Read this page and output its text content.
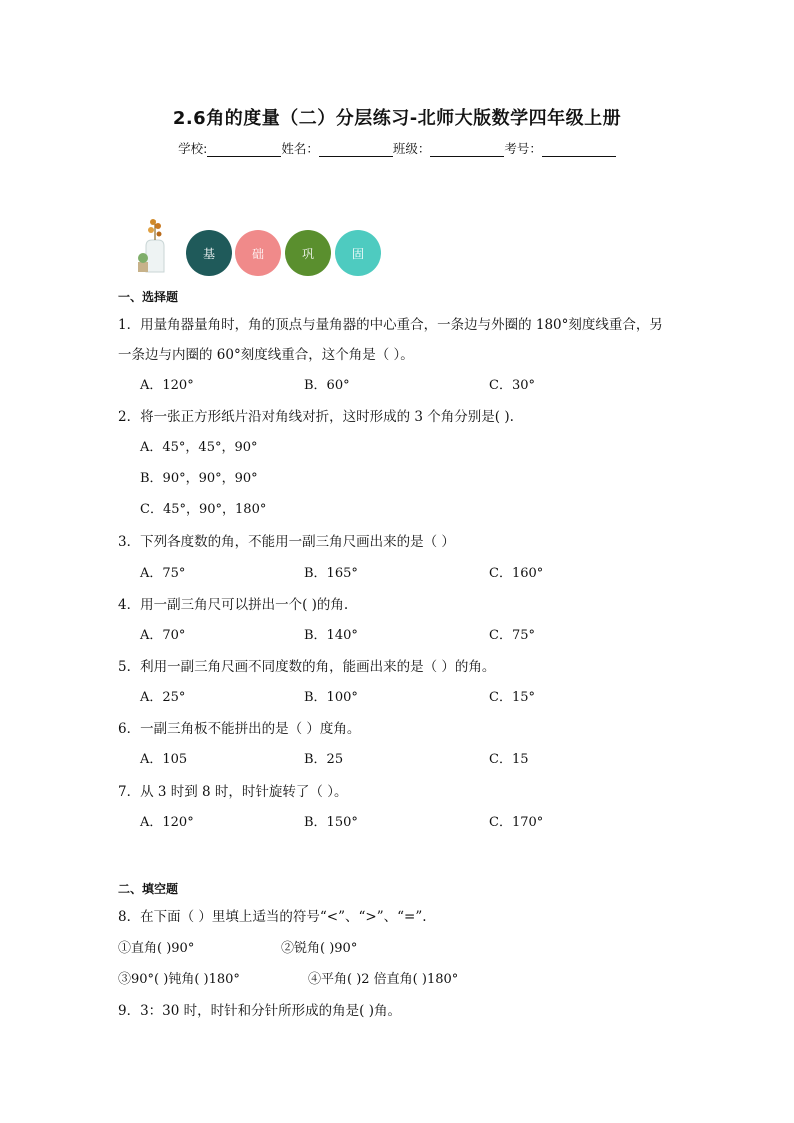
2.6角的度量（二）分层练习-北师大版数学四年级上册
学校:	姓名：	班级：	考号：
基	础	巩	固
一、选择题
1．用量角器量角时，角的顶点与量角器的中心重合，一条边与外圈的 180°刻度线重合，另
一条边与内圈的 60°刻度线重合，这个角是（ ）。
A．120°	B．60°	C．30°
2．将一张正方形纸片沿对角线对折，这时形成的 3 个角分别是( ).
A．45°，45°，90°
B．90°，90°，90°
C．45°，90°，180°
3．下列各度数的角，不能用一副三角尺画出来的是（ ）
A．75°	B．165°	C．160°
4．用一副三角尺可以拼出一个( )的角.
A．70°	B．140°	C．75°
5．利用一副三角尺画不同度数的角，能画出来的是（ ）的角。
A．25°	B．100°	C．15°
6．一副三角板不能拼出的是（ ）度角。
A．105	B．25	C．15
7．从 3 时到 8 时，时针旋转了（ ）。
A．120°	B．150°	C．170°
二、填空题
8．在下面（ ）里填上适当的符号“<”、“>”、“=”.
①直角( )90°	②锐角( )90°
③90°( )钝角( )180°	④平角( )2 倍直角( )180°
9．3：30 时，时针和分针所形成的角是( )角。
